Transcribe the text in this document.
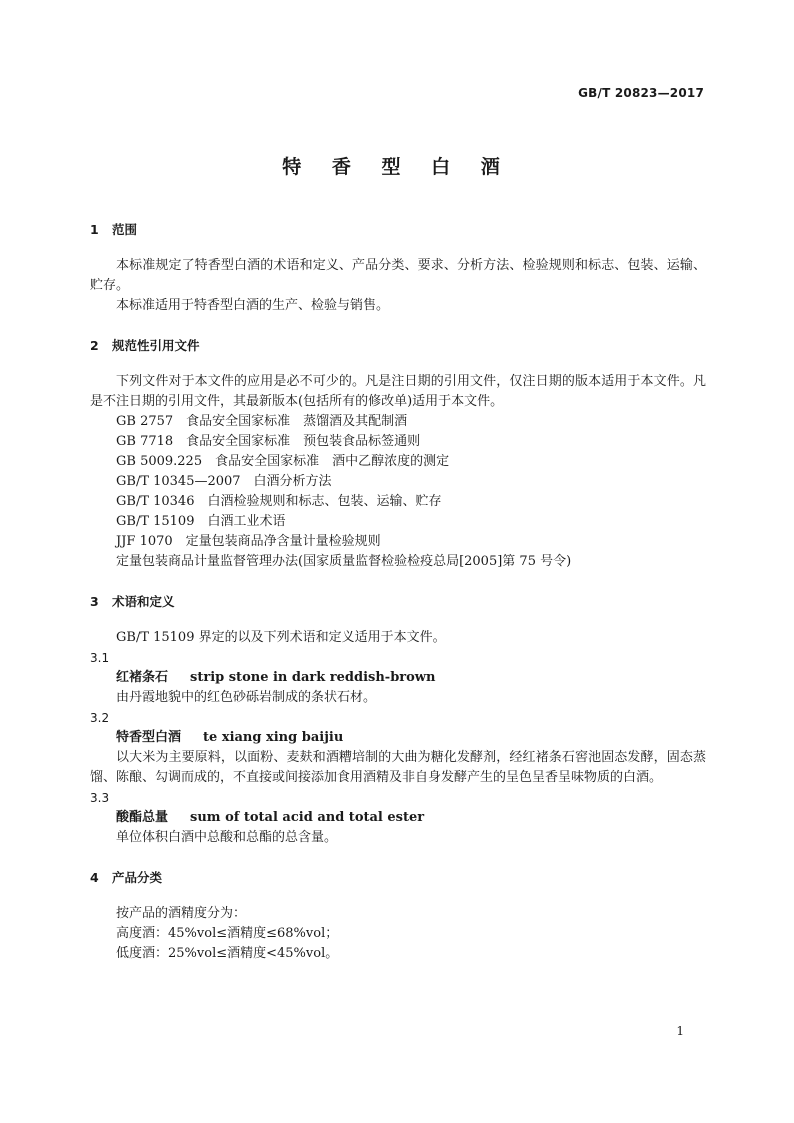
GB/T 20823—2017
特 香 型 白 酒
1	范围
本标准规定了特香型白酒的术语和定义、产品分类、要求、分析方法、检验规则和标志、包装、运输、贮存。
本标准适用于特香型白酒的生产、检验与销售。
2	规范性引用文件
下列文件对于本文件的应用是必不可少的。凡是注日期的引用文件，仅注日期的版本适用于本文件。凡是不注日期的引用文件，其最新版本(包括所有的修改单)适用于本文件。
GB 2757　食品安全国家标准　蒸馏酒及其配制酒
GB 7718　食品安全国家标准　预包装食品标签通则
GB 5009.225　食品安全国家标准　酒中乙醇浓度的测定
GB/T 10345—2007　白酒分析方法
GB/T 10346　白酒检验规则和标志、包装、运输、贮存
GB/T 15109　白酒工业术语
JJF 1070　定量包装商品净含量计量检验规则
定量包装商品计量监督管理办法(国家质量监督检验检疫总局[2005]第 75 号令)
3	术语和定义
GB/T 15109 界定的以及下列术语和定义适用于本文件。
3.1
红褚条石 strip stone in dark reddish-brown
由丹霞地貌中的红色砂砾岩制成的条状石材。
3.2
特香型白酒 te xiang xing baijiu
以大米为主要原料，以面粉、麦麸和酒糟培制的大曲为糖化发酵剂，经红褚条石窖池固态发酵，固态蒸馏、陈酿、勾调而成的，不直接或间接添加食用酒精及非自身发酵产生的呈色呈香呈味物质的白酒。
3.3
酸酯总量 sum of total acid and total ester
单位体积白酒中总酸和总酯的总含量。
4	产品分类
按产品的酒精度分为：
高度酒：45%vol≤酒精度≤68%vol；
低度酒：25%vol≤酒精度<45%vol。
1
